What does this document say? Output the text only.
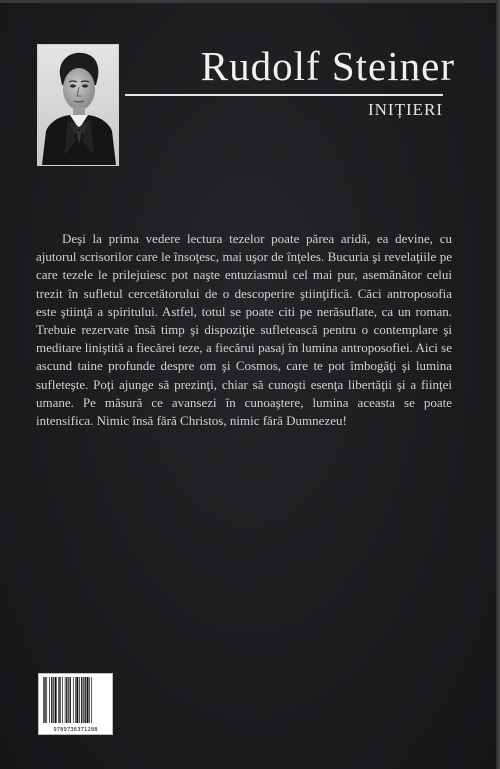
Rudolf Steiner
INIȚIERI

Deşi la prima vedere lectura tezelor poate părea aridă, ea devine, cu ajutorul scrisorilor care le însoţesc, mai uşor de înţeles. Bucuria şi revelaţiile pe care tezele le prilejuiesc pot naşte entuziasmul cel mai pur, asemănător celui trezit în sufletul cercetătorului de o descoperire ştiinţifică. Căci antroposofia este ştiinţă a spiritului. Astfel, totul se poate citi pe nerăsuflate, ca un roman. Trebuie rezervate însă timp şi dispoziţie sufletească pentru o contemplare şi meditare liniştită a fiecărei teze, a fiecărui pasaj în lumina antroposofiei. Aici se ascund taine profunde despre om şi Cosmos, care te pot îmbogăţi şi lumina sufleteşte. Poţi ajunge să prezinţi, chiar să cunoşti esenţa libertăţii şi a fiinţei umane. Pe măsură ce avansezi în cunoaştere, lumina aceasta se poate intensifica. Nimic însă fără Christos, nimic fără Dumnezeu!

9789736371288
